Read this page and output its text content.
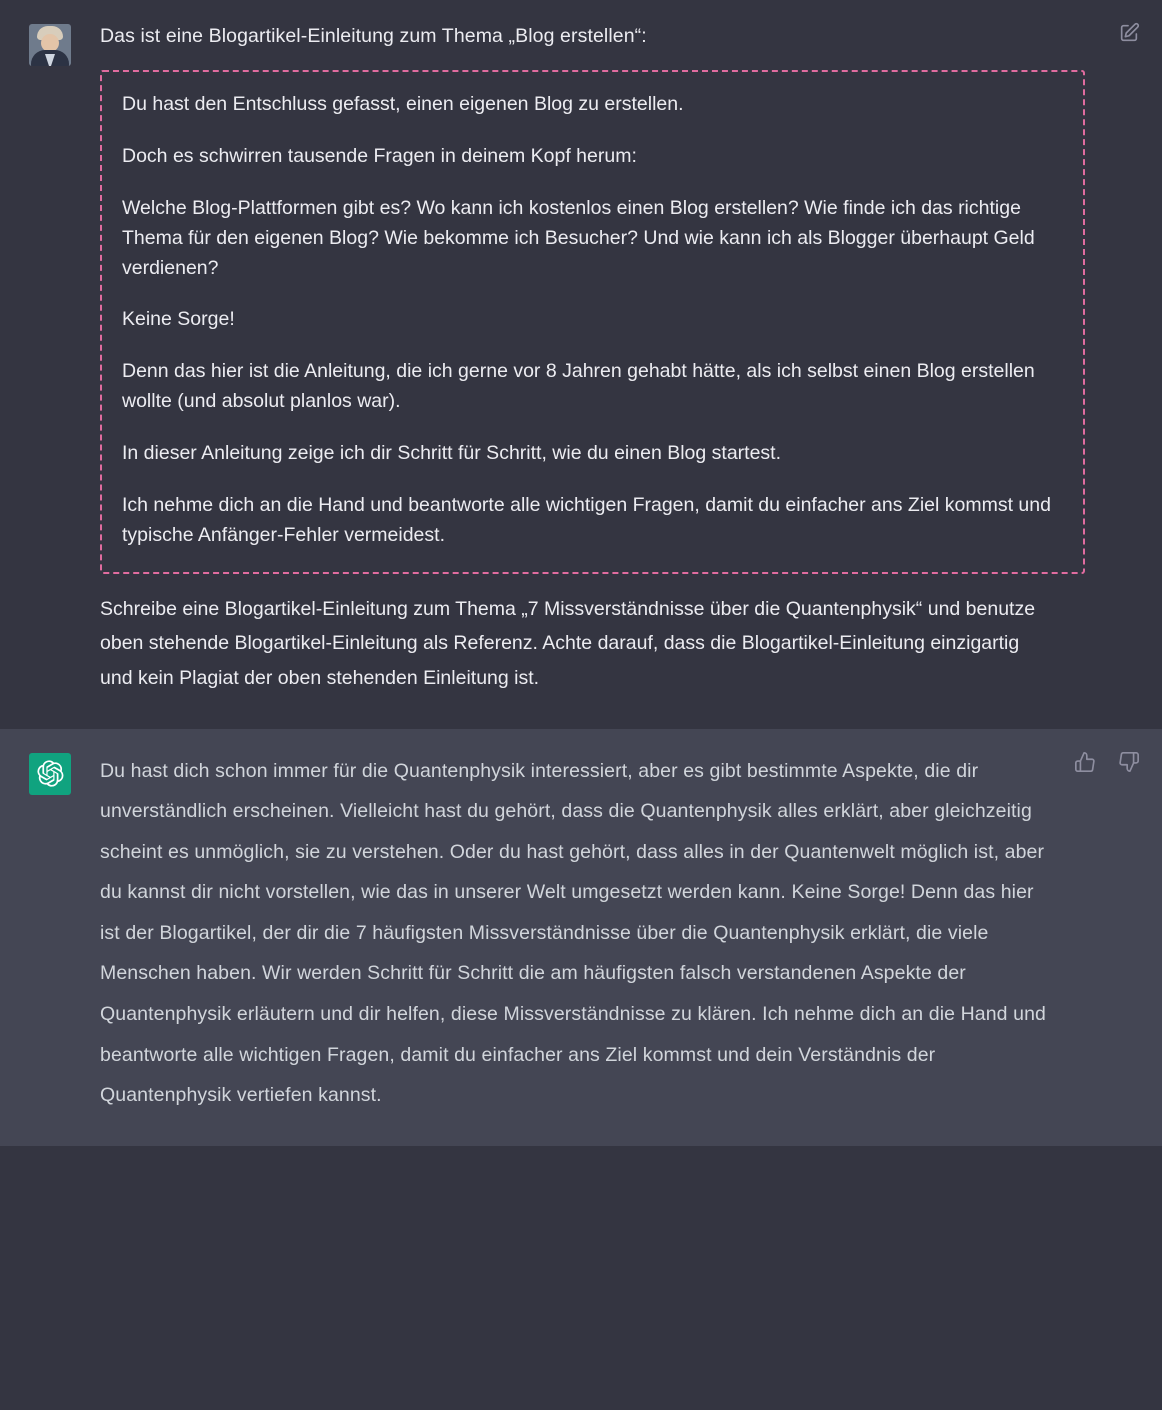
Das ist eine Blogartikel-Einleitung zum Thema „Blog erstellen“:

Du hast den Entschluss gefasst, einen eigenen Blog zu erstellen.

Doch es schwirren tausende Fragen in deinem Kopf herum:

Welche Blog-Plattformen gibt es? Wo kann ich kostenlos einen Blog erstellen? Wie finde ich das richtige Thema für den eigenen Blog? Wie bekomme ich Besucher? Und wie kann ich als Blogger überhaupt Geld verdienen?

Keine Sorge!

Denn das hier ist die Anleitung, die ich gerne vor 8 Jahren gehabt hätte, als ich selbst einen Blog erstellen wollte (und absolut planlos war).

In dieser Anleitung zeige ich dir Schritt für Schritt, wie du einen Blog startest.

Ich nehme dich an die Hand und beantworte alle wichtigen Fragen, damit du einfacher ans Ziel kommst und typische Anfänger-Fehler vermeidest.

Schreibe eine Blogartikel-Einleitung zum Thema „7 Missverständnisse über die Quantenphysik“ und benutze oben stehende Blogartikel-Einleitung als Referenz. Achte darauf, dass die Blogartikel-Einleitung einzigartig und kein Plagiat der oben stehenden Einleitung ist.

Du hast dich schon immer für die Quantenphysik interessiert, aber es gibt bestimmte Aspekte, die dir unverständlich erscheinen. Vielleicht hast du gehört, dass die Quantenphysik alles erklärt, aber gleichzeitig scheint es unmöglich, sie zu verstehen. Oder du hast gehört, dass alles in der Quantenwelt möglich ist, aber du kannst dir nicht vorstellen, wie das in unserer Welt umgesetzt werden kann. Keine Sorge! Denn das hier ist der Blogartikel, der dir die 7 häufigsten Missverständnisse über die Quantenphysik erklärt, die viele Menschen haben. Wir werden Schritt für Schritt die am häufigsten falsch verstandenen Aspekte der Quantenphysik erläutern und dir helfen, diese Missverständnisse zu klären. Ich nehme dich an die Hand und beantworte alle wichtigen Fragen, damit du einfacher ans Ziel kommst und dein Verständnis der Quantenphysik vertiefen kannst.
